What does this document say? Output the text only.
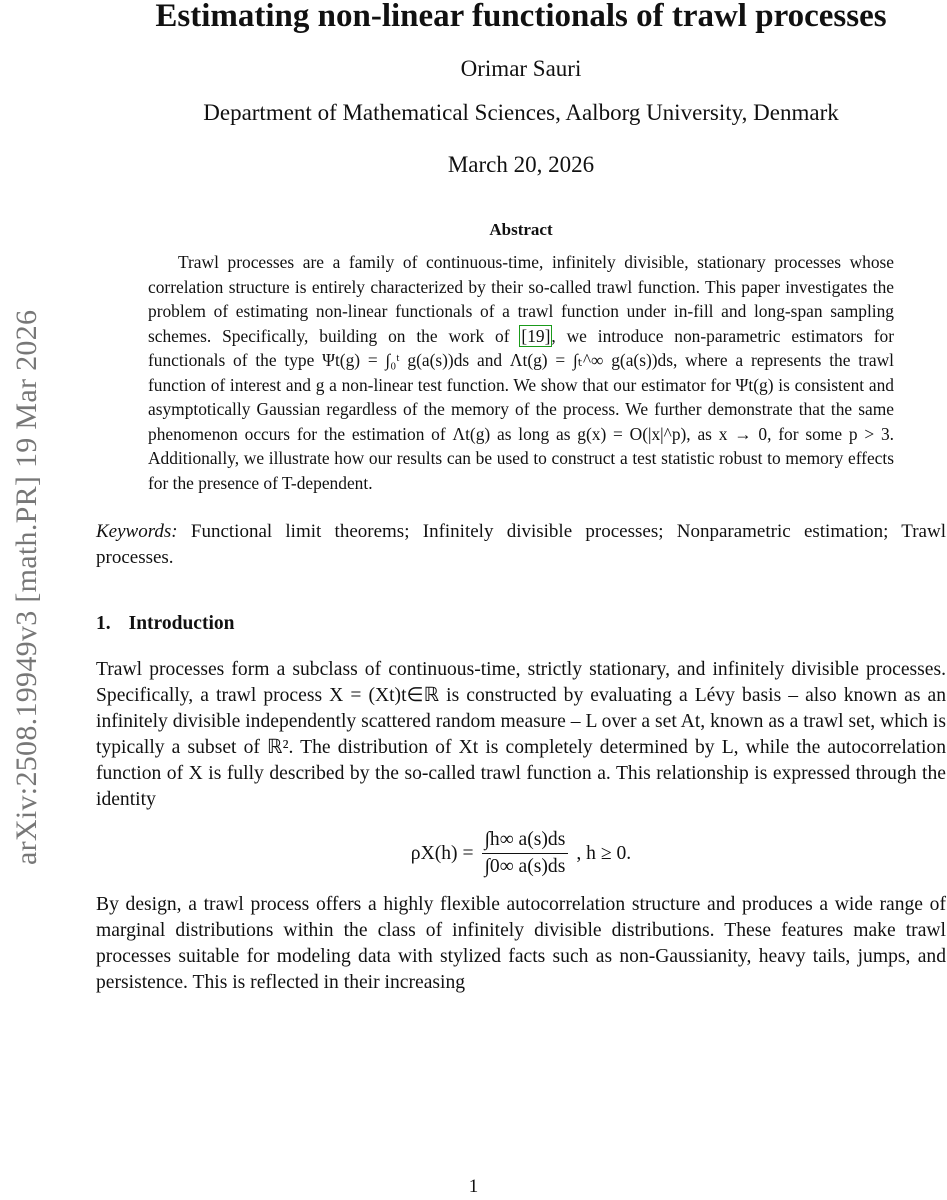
arXiv:2508.19949v3 [math.PR] 19 Mar 2026
Estimating non-linear functionals of trawl processes
Orimar Sauri
Department of Mathematical Sciences, Aalborg University, Denmark
March 20, 2026
Abstract
Trawl processes are a family of continuous-time, infinitely divisible, stationary processes whose correlation structure is entirely characterized by their so-called trawl function. This paper investigates the problem of estimating non-linear functionals of a trawl function under in-fill and long-span sampling schemes. Specifically, building on the work of [19], we introduce non-parametric estimators for functionals of the type Ψt(g) = ∫₀ᵗ g(a(s))ds and Λt(g) = ∫ₜ^∞ g(a(s))ds, where a represents the trawl function of interest and g a non-linear test function. We show that our estimator for Ψt(g) is consistent and asymptotically Gaussian regardless of the memory of the process. We further demonstrate that the same phenomenon occurs for the estimation of Λt(g) as long as g(x) = O(|x|^p), as x → 0, for some p > 3. Additionally, we illustrate how our results can be used to construct a test statistic robust to memory effects for the presence of T-dependent.
Keywords: Functional limit theorems; Infinitely divisible processes; Nonparametric estimation; Trawl processes.
1. Introduction
Trawl processes form a subclass of continuous-time, strictly stationary, and infinitely divisible processes. Specifically, a trawl process X = (Xt)t∈ℝ is constructed by evaluating a Lévy basis – also known as an infinitely divisible independently scattered random measure – L over a set At, known as a trawl set, which is typically a subset of ℝ². The distribution of Xt is completely determined by L, while the autocorrelation function of X is fully described by the so-called trawl function a. This relationship is expressed through the identity
$\rho X(h) = \frac{\int h\infty a(s)ds}{\int 0\infty a(s)ds}$ , h ≥ 0.
By design, a trawl process offers a highly flexible autocorrelation structure and produces a wide range of marginal distributions within the class of infinitely divisible distributions. These features make trawl processes suitable for modeling data with stylized facts such as non-Gaussianity, heavy tails, jumps, and persistence. This is reflected in their increasing
1
